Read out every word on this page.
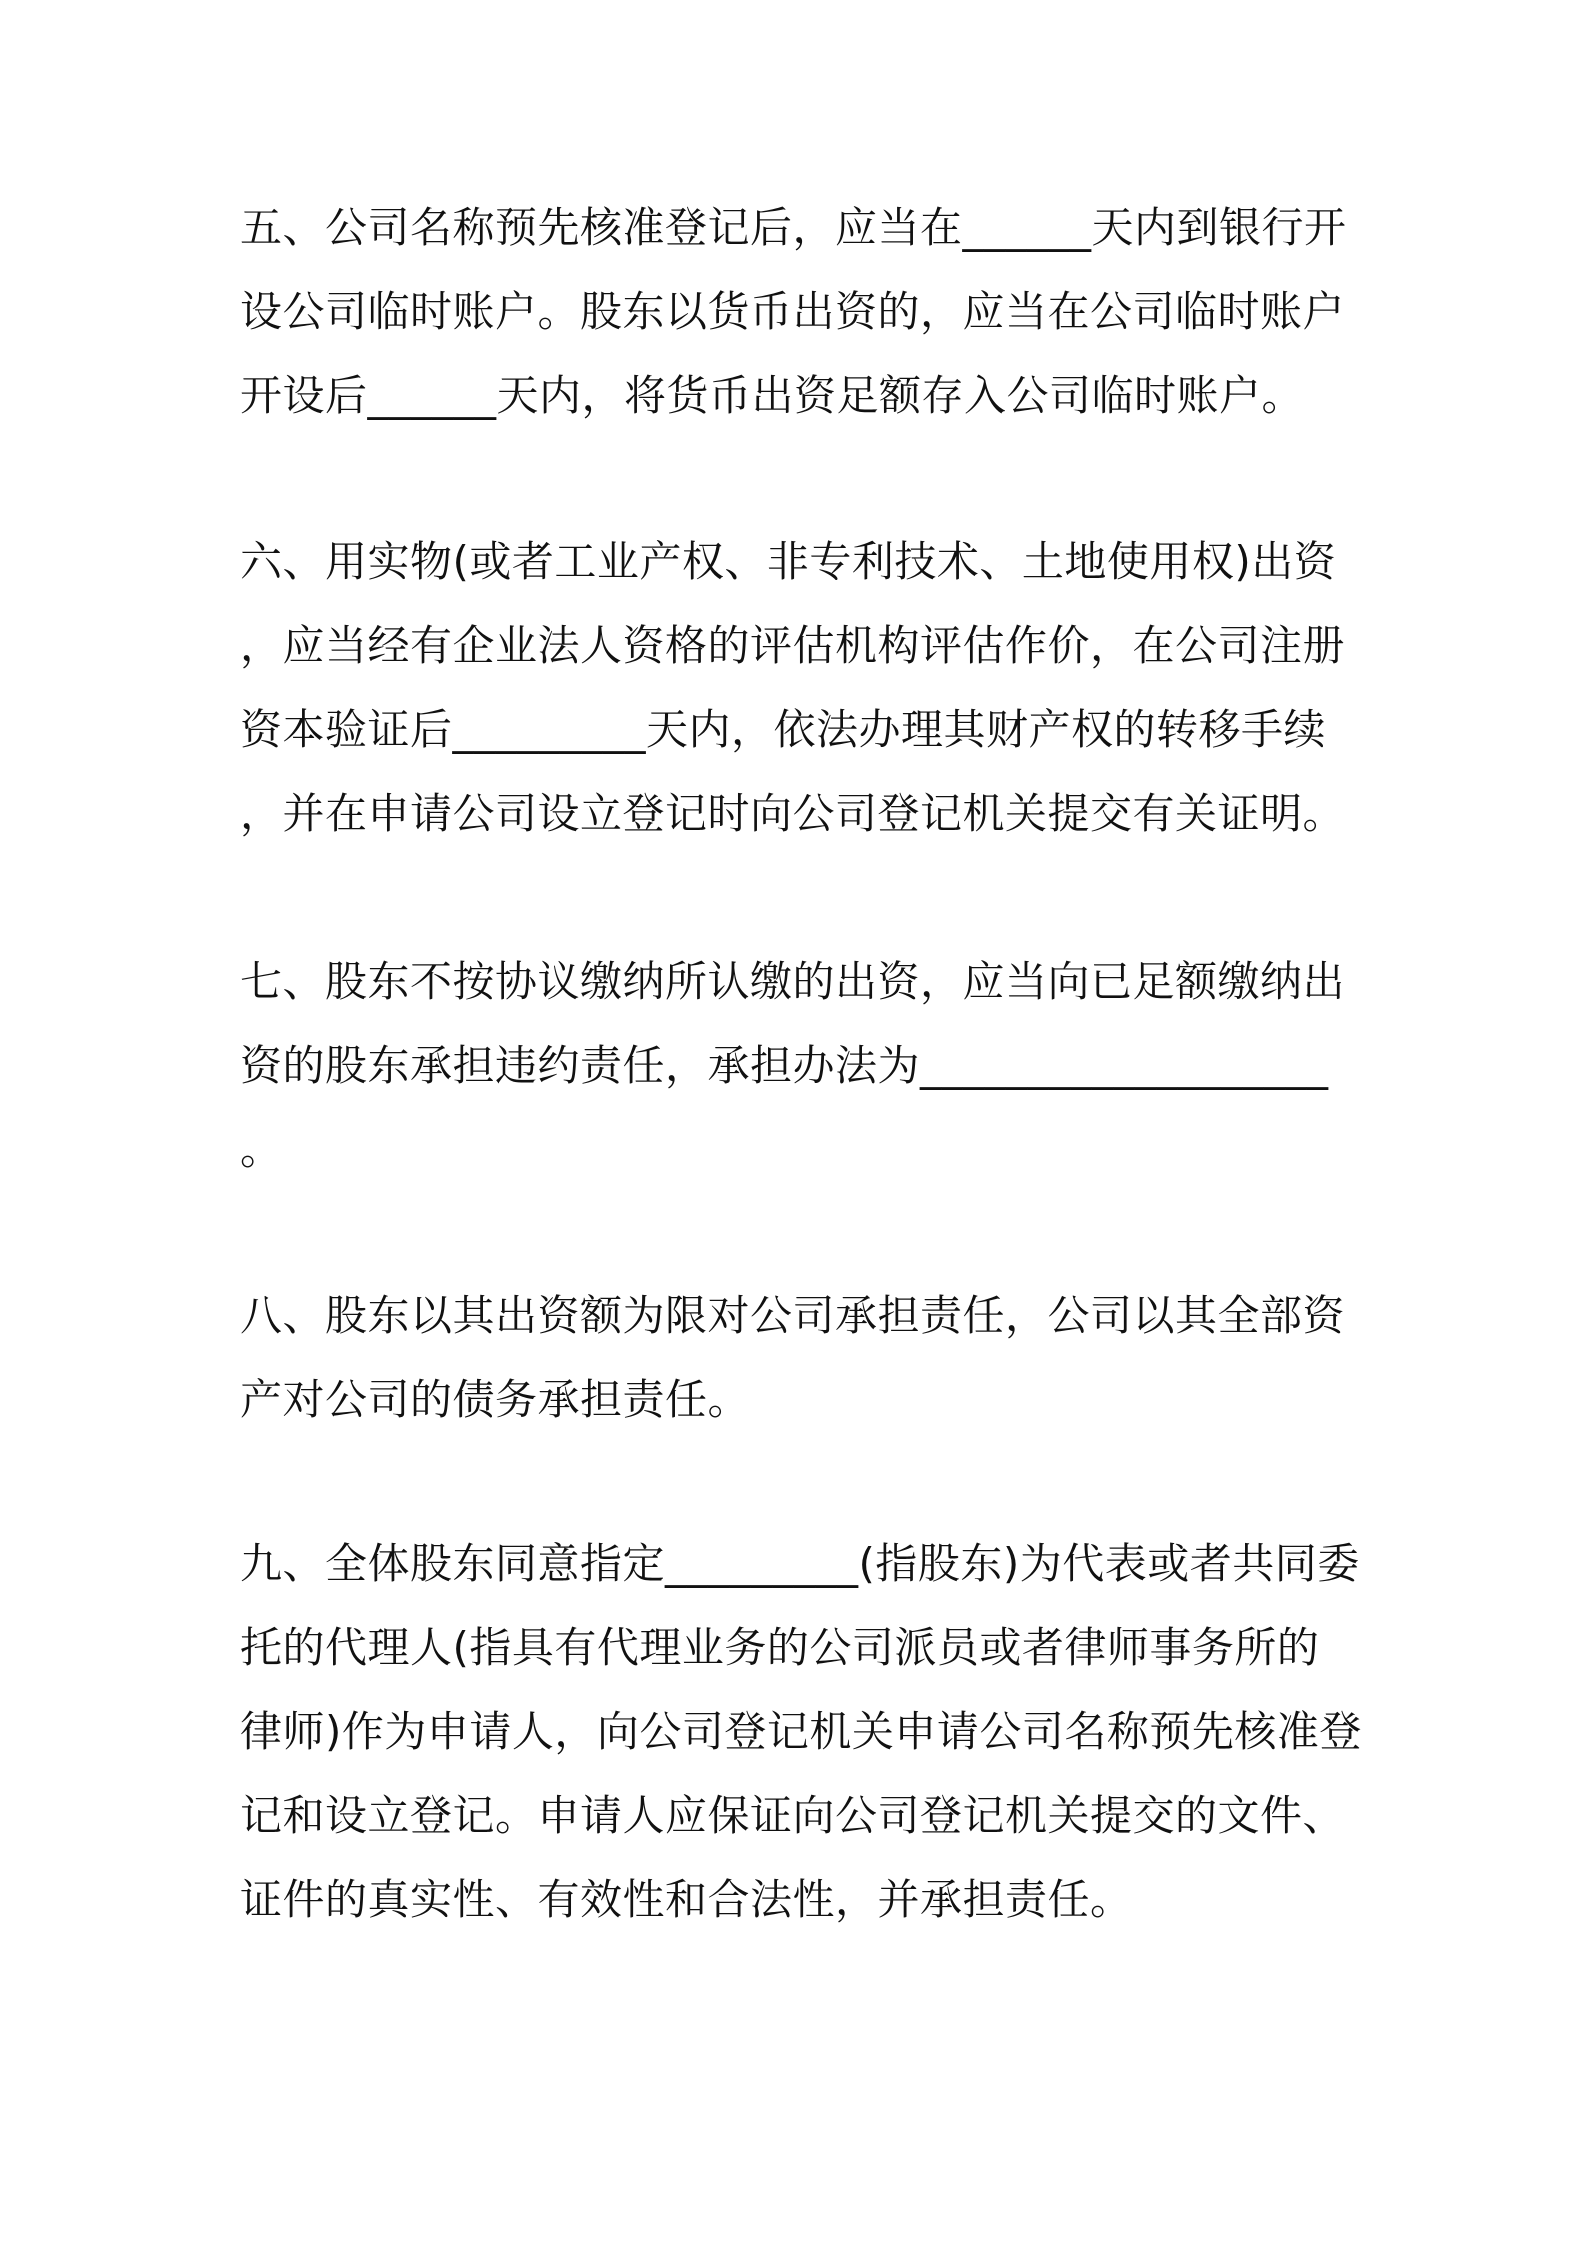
五、公司名称预先核准登记后，应当在______天内到银行开
设公司临时账户。股东以货币出资的，应当在公司临时账户
开设后______天内，将货币出资足额存入公司临时账户。
六、用实物(或者工业产权、非专利技术、土地使用权)出资
，应当经有企业法人资格的评估机构评估作价，在公司注册
资本验证后_________天内，依法办理其财产权的转移手续
，并在申请公司设立登记时向公司登记机关提交有关证明。
七、股东不按协议缴纳所认缴的出资，应当向已足额缴纳出
资的股东承担违约责任，承担办法为___________________
。
八、股东以其出资额为限对公司承担责任，公司以其全部资
产对公司的债务承担责任。
九、全体股东同意指定_________(指股东)为代表或者共同委
托的代理人(指具有代理业务的公司派员或者律师事务所的
律师)作为申请人，向公司登记机关申请公司名称预先核准登
记和设立登记。申请人应保证向公司登记机关提交的文件、
证件的真实性、有效性和合法性，并承担责任。
